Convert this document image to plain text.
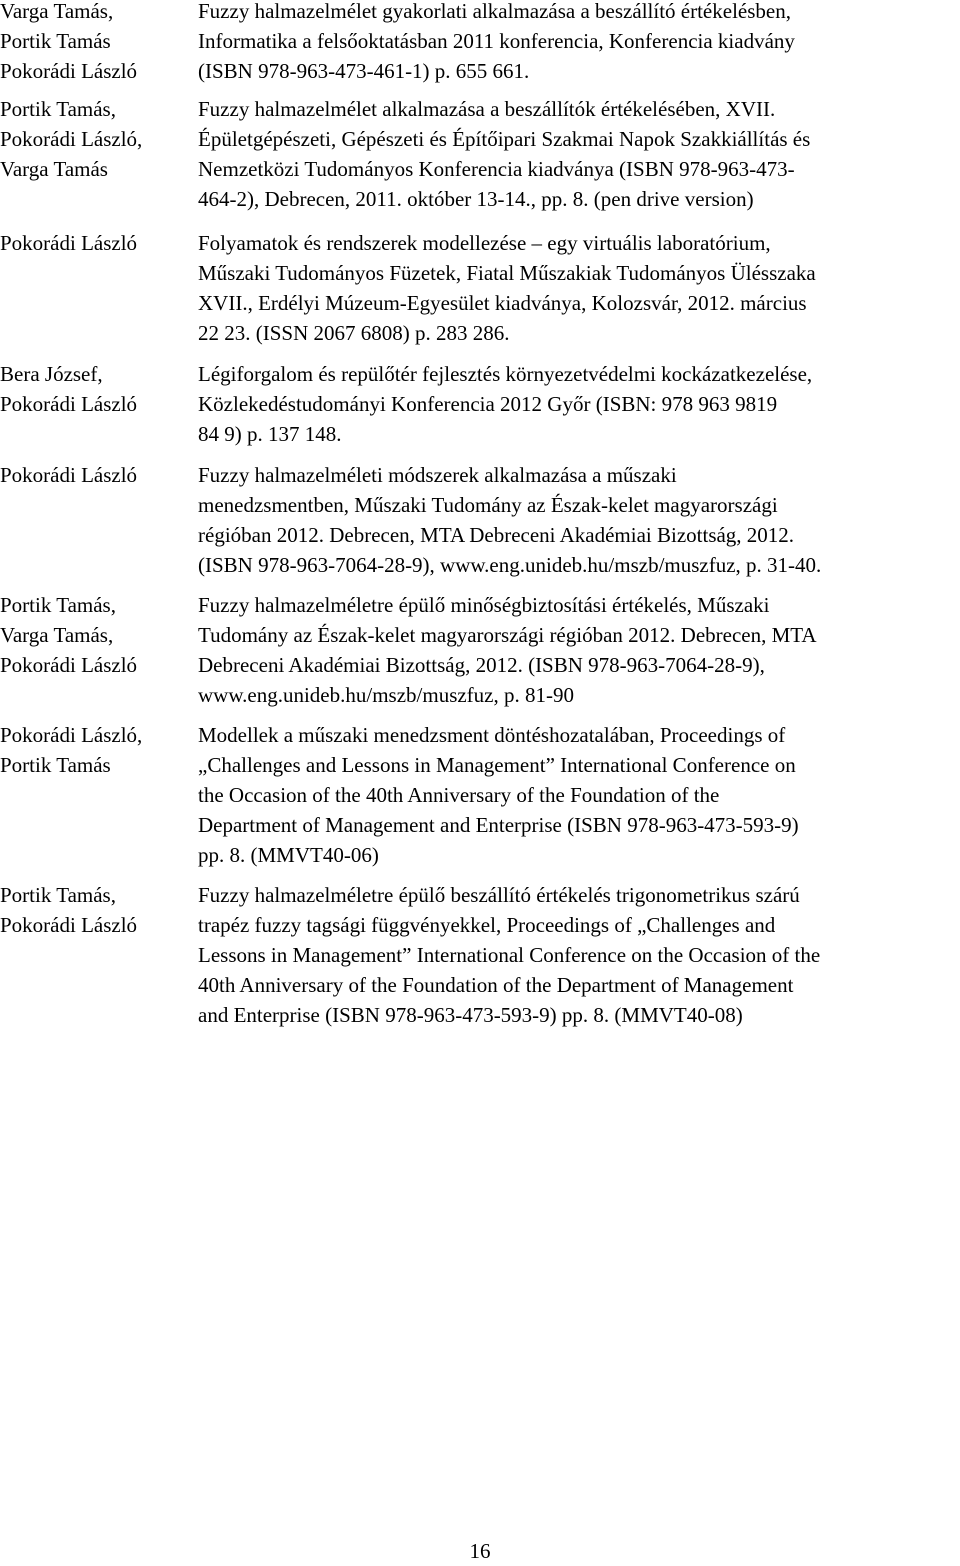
Varga Tamás,
Portik Tamás
Pokorádi László
Fuzzy halmazelmélet gyakorlati alkalmazása a beszállító értékelésben,
Informatika a felsőoktatásban 2011 konferencia, Konferencia kiadvány
(ISBN 978-963-473-461-1) p. 655 661.
Portik Tamás,
Pokorádi László,
Varga Tamás
Fuzzy halmazelmélet alkalmazása a beszállítók értékelésében, XVII.
Épületgépészeti, Gépészeti és Építőipari Szakmai Napok Szakkiállítás és
Nemzetközi Tudományos Konferencia kiadványa (ISBN 978-963-473-
464-2), Debrecen, 2011. október 13-14., pp. 8. (pen drive version)
Pokorádi László	Folyamatok és rendszerek modellezése – egy virtuális laboratórium,
Műszaki Tudományos Füzetek, Fiatal Műszakiak Tudományos Ülésszaka
XVII., Erdélyi Múzeum-Egyesület kiadványa, Kolozsvár, 2012. március
22 23. (ISSN 2067 6808) p. 283 286.
Bera József,
Pokorádi László
Légiforgalom és repülőtér fejlesztés környezetvédelmi kockázatkezelése,
Közlekedéstudományi Konferencia 2012 Győr (ISBN: 978 963 9819
84 9) p. 137 148.
Pokorádi László	Fuzzy halmazelméleti módszerek alkalmazása a műszaki
menedzsmentben, Műszaki Tudomány az Észak-kelet magyarországi
régióban 2012. Debrecen, MTA Debreceni Akadémiai Bizottság, 2012.
(ISBN 978-963-7064-28-9), www.eng.unideb.hu/mszb/muszfuz, p. 31-40.
Portik Tamás,
Varga Tamás,
Pokorádi László
Fuzzy halmazelméletre épülő minőségbiztosítási értékelés, Műszaki
Tudomány az Észak-kelet magyarországi régióban 2012. Debrecen, MTA
Debreceni Akadémiai Bizottság, 2012. (ISBN 978-963-7064-28-9),
www.eng.unideb.hu/mszb/muszfuz, p. 81-90
Pokorádi László,
Portik Tamás
Modellek a műszaki menedzsment döntéshozatalában, Proceedings of
„Challenges and Lessons in Management” International Conference on
the Occasion of the 40th Anniversary of the Foundation of the
Department of Management and Enterprise (ISBN 978-963-473-593-9)
pp. 8. (MMVT40-06)
Portik Tamás,
Pokorádi László
Fuzzy halmazelméletre épülő beszállító értékelés trigonometrikus szárú
trapéz fuzzy tagsági függvényekkel, Proceedings of „Challenges and
Lessons in Management” International Conference on the Occasion of the
40th Anniversary of the Foundation of the Department of Management
and Enterprise (ISBN 978-963-473-593-9) pp. 8. (MMVT40-08)
16
